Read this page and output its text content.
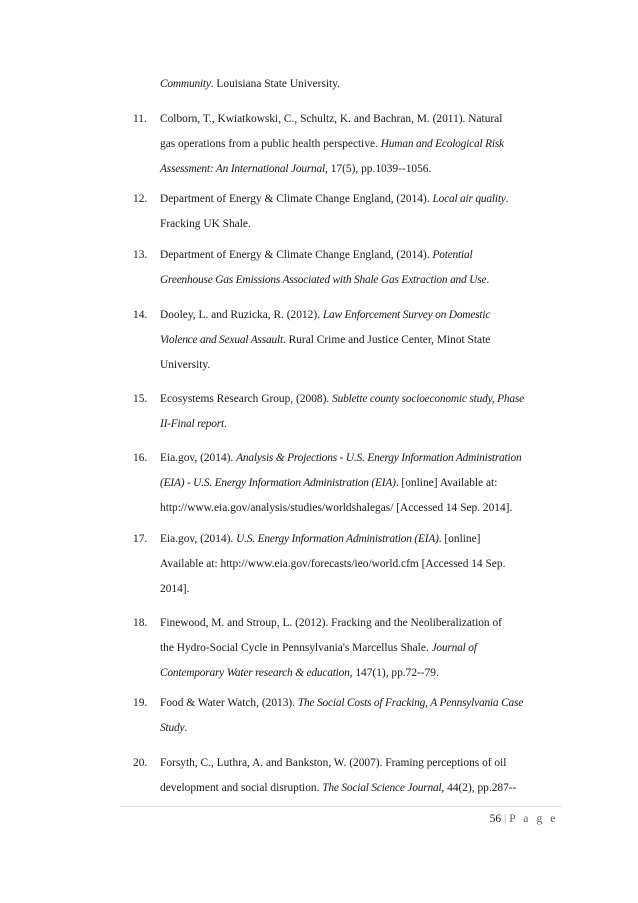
Community. Louisiana State University.
11. Colborn, T., Kwiatkowski, C., Schultz, K. and Bachran, M. (2011). Natural
gas operations from a public health perspective. Human and Ecological Risk
Assessment: An International Journal, 17(5), pp.1039--1056.
12. Department of Energy & Climate Change England, (2014). Local air quality.
Fracking UK Shale.
13. Department of Energy & Climate Change England, (2014). Potential
Greenhouse Gas Emissions Associated with Shale Gas Extraction and Use.
14. Dooley, L. and Ruzicka, R. (2012). Law Enforcement Survey on Domestic
Violence and Sexual Assault. Rural Crime and Justice Center, Minot State
University.
15. Ecosystems Research Group, (2008). Sublette county socioeconomic study, Phase
II-Final report.
16. Eia.gov, (2014). Analysis & Projections - U.S. Energy Information Administration
(EIA) - U.S. Energy Information Administration (EIA). [online] Available at:
http://www.eia.gov/analysis/studies/worldshalegas/ [Accessed 14 Sep. 2014].
17. Eia.gov, (2014). U.S. Energy Information Administration (EIA). [online]
Available at: http://www.eia.gov/forecasts/ieo/world.cfm [Accessed 14 Sep.
2014].
18. Finewood, M. and Stroup, L. (2012). Fracking and the Neoliberalization of
the Hydro-Social Cycle in Pennsylvania's Marcellus Shale. Journal of
Contemporary Water research & education, 147(1), pp.72--79.
19. Food & Water Watch, (2013). The Social Costs of Fracking, A Pennsylvania Case
Study.
20. Forsyth, C., Luthra, A. and Bankston, W. (2007). Framing perceptions of oil
development and social disruption. The Social Science Journal, 44(2), pp.287--
56 | P a g e
